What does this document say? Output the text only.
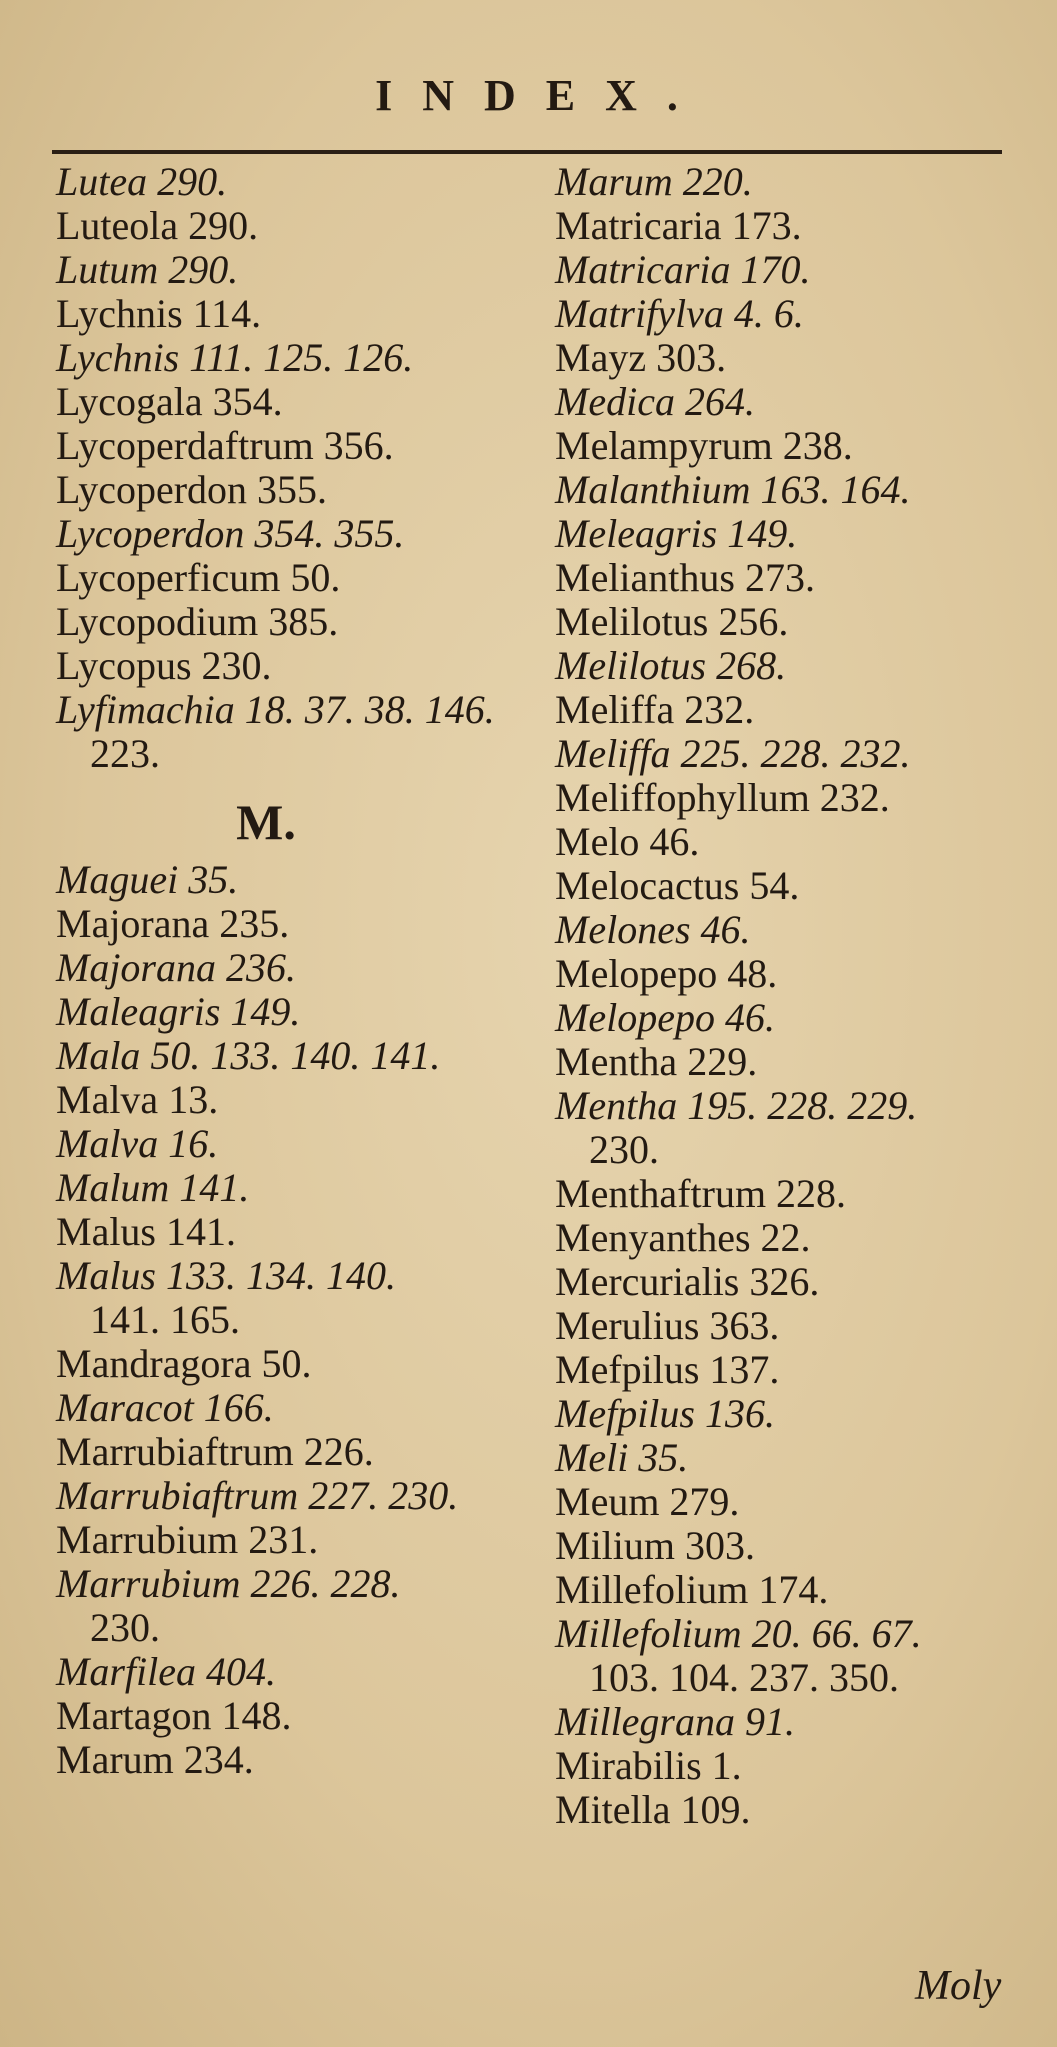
INDEX.
Lutea 290.
Luteola 290.
Lutum 290.
Lychnis 114.
Lychnis 111. 125. 126.
Lycogala 354.
Lycoperdaftrum 356.
Lycoperdon 355.
Lycoperdon 354. 355.
Lycoperficum 50.
Lycopodium 385.
Lycopus 230.
Lyfimachia 18. 37. 38. 146.
223.
M.
Maguei 35.
Majorana 235.
Majorana 236.
Maleagris 149.
Mala 50. 133. 140. 141.
Malva 13.
Malva 16.
Malum 141.
Malus 141.
Malus 133. 134. 140.
141. 165.
Mandragora 50.
Maracot 166.
Marrubiaftrum 226.
Marrubiaftrum 227. 230.
Marrubium 231.
Marrubium 226. 228.
230.
Marfilea 404.
Martagon 148.
Marum 234.
Marum 220.
Matricaria 173.
Matricaria 170.
Matrifylva 4. 6.
Mayz 303.
Medica 264.
Melampyrum 238.
Malanthium 163. 164.
Meleagris 149.
Melianthus 273.
Melilotus 256.
Melilotus 268.
Meliffa 232.
Meliffa 225. 228. 232.
Meliffophyllum 232.
Melo 46.
Melocactus 54.
Melones 46.
Melopepo 48.
Melopepo 46.
Mentha 229.
Mentha 195. 228. 229.
230.
Menthaftrum 228.
Menyanthes 22.
Mercurialis 326.
Merulius 363.
Mefpilus 137.
Mefpilus 136.
Meli 35.
Meum 279.
Milium 303.
Millefolium 174.
Millefolium 20. 66. 67.
103. 104. 237. 350.
Millegrana 91.
Mirabilis 1.
Mitella 109.
Moly
